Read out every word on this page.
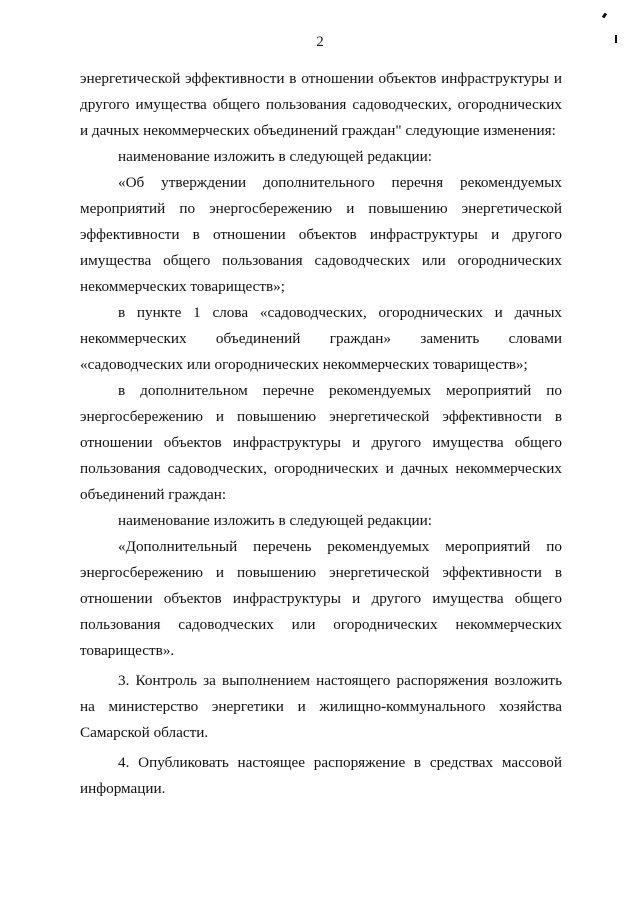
2

энергетической эффективности в отношении объектов инфраструктуры и другого имущества общего пользования садоводческих, огороднических и дачных некоммерческих объединений граждан" следующие изменения:

наименование изложить в следующей редакции:

«Об утверждении дополнительного перечня рекомендуемых мероприятий по энергосбережению и повышению энергетической эффективности в отношении объектов инфраструктуры и другого имущества общего пользования садоводческих или огороднических некоммерческих товариществ»;

в пункте 1 слова «садоводческих, огороднических и дачных некоммерческих объединений граждан» заменить словами «садоводческих или огороднических некоммерческих товариществ»;

в дополнительном перечне рекомендуемых мероприятий по энергосбережению и повышению энергетической эффективности в отношении объектов инфраструктуры и другого имущества общего пользования садоводческих, огороднических и дачных некоммерческих объединений граждан:

наименование изложить в следующей редакции:

«Дополнительный перечень рекомендуемых мероприятий по энергосбережению и повышению энергетической эффективности в отношении объектов инфраструктуры и другого имущества общего пользования садоводческих или огороднических некоммерческих товариществ».

3. Контроль за выполнением настоящего распоряжения возложить на министерство энергетики и жилищно-коммунального хозяйства Самарской области.

4. Опубликовать настоящее распоряжение в средствах массовой информации.
